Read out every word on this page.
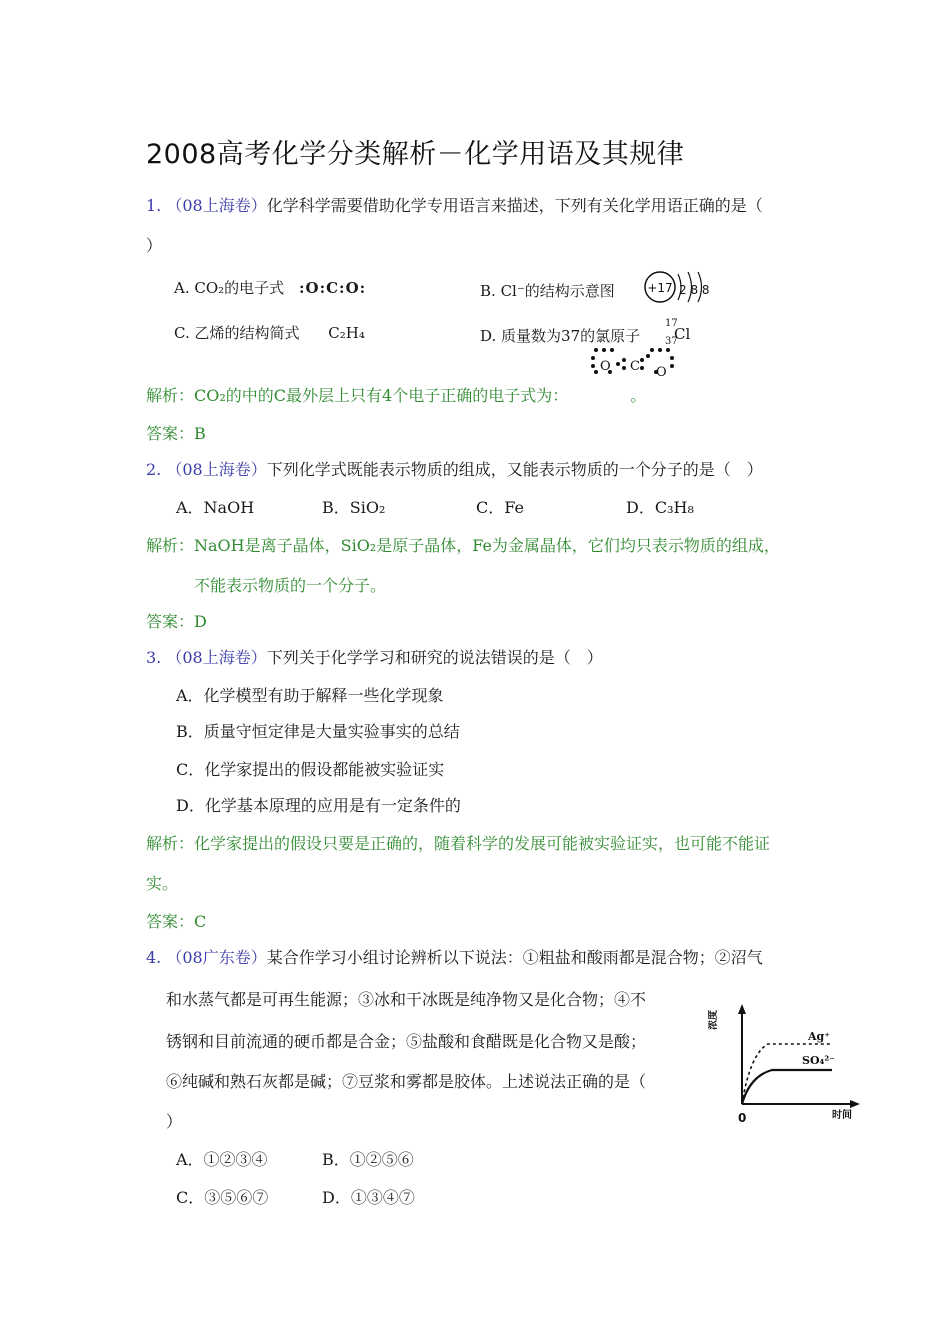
2008高考化学分类解析－化学用语及其规律
1. （08上海卷）化学科学需要借助化学专用语言来描述，下列有关化学用语正确的是（
）
A. CO₂的电子式 :O:C:O:	B. Cl⁻的结构示意图	+17 2 8 8
C. 乙烯的结构简式 C₂H₄	D. 质量数为37的氯原子
17
Cl
37
O C O
解析：CO₂的中的C最外层上只有4个电子正确的电子式为：	。
答案：B
2. （08上海卷）下列化学式既能表示物质的组成，又能表示物质的一个分子的是（　）
A．NaOH	B．SiO₂	C．Fe	D．C₃H₈
解析：NaOH是离子晶体，SiO₂是原子晶体，Fe为金属晶体，它们均只表示物质的组成，
不能表示物质的一个分子。
答案：D
3. （08上海卷）下列关于化学学习和研究的说法错误的是（　）
A．化学模型有助于解释一些化学现象
B．质量守恒定律是大量实验事实的总结
C．化学家提出的假设都能被实验证实
D．化学基本原理的应用是有一定条件的
解析：化学家提出的假设只要是正确的，随着科学的发展可能被实验证实，也可能不能证
实。
答案：C
4. （08广东卷）某合作学习小组讨论辨析以下说法：①粗盐和酸雨都是混合物；②沼气
和水蒸气都是可再生能源；③冰和干冰既是纯净物又是化合物；④不
锈钢和目前流通的硬币都是合金；⑤盐酸和食醋既是化合物又是酸；
⑥纯碱和熟石灰都是碱；⑦豆浆和雾都是胶体。上述说法正确的是（
）
A．①②③④	B．①②⑤⑥
C．③⑤⑥⑦	D．①③④⑦
浓度
Ag⁺
SO₄²⁻
0	时间
